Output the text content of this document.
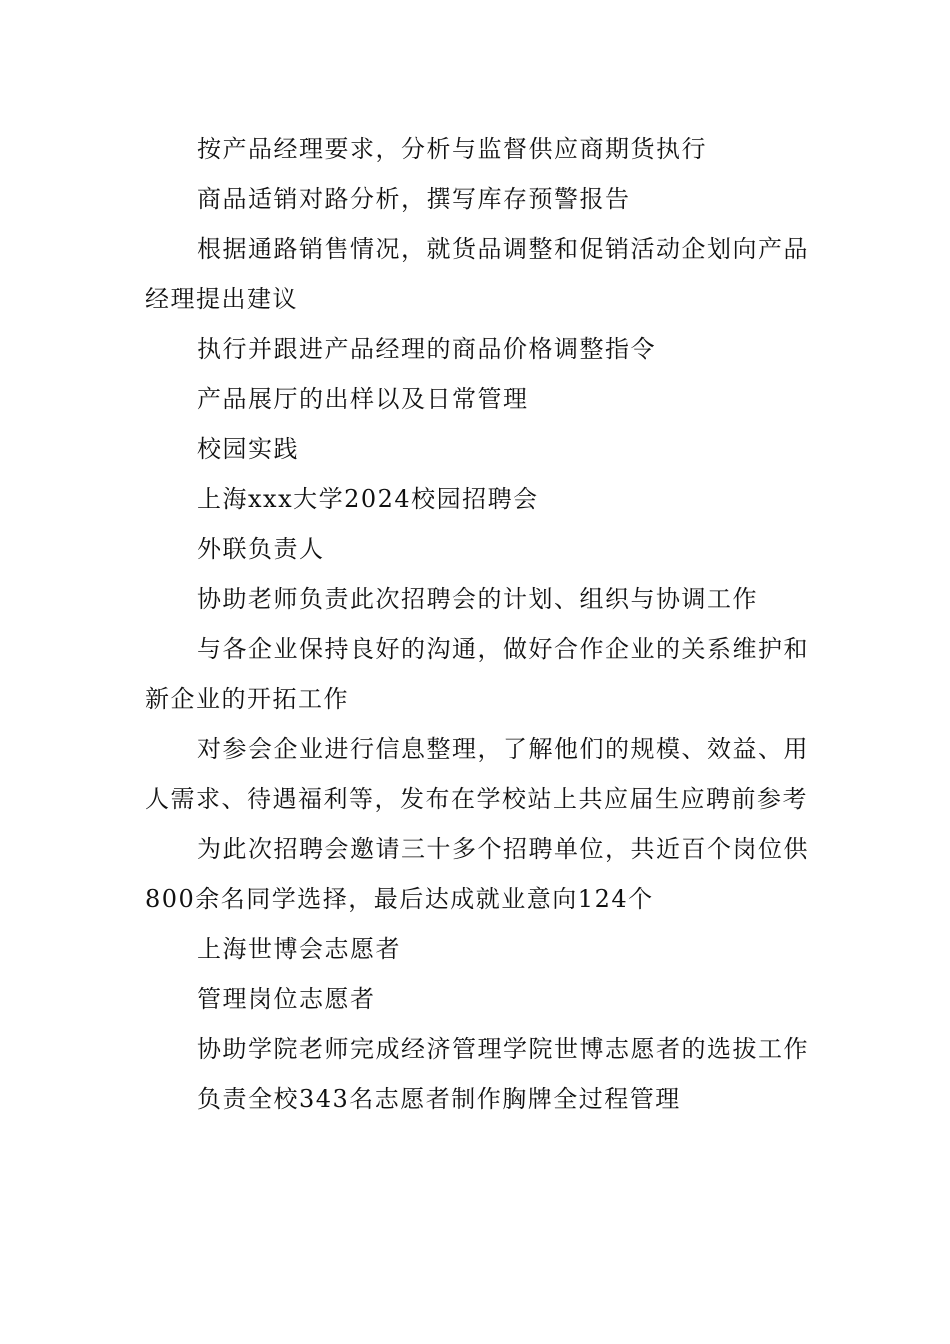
按产品经理要求，分析与监督供应商期货执行

商品适销对路分析，撰写库存预警报告

根据通路销售情况，就货品调整和促销活动企划向产品经理提出建议

执行并跟进产品经理的商品价格调整指令

产品展厅的出样以及日常管理

校园实践

上海xxx大学2024校园招聘会

外联负责人

协助老师负责此次招聘会的计划、组织与协调工作

与各企业保持良好的沟通，做好合作企业的关系维护和新企业的开拓工作

对参会企业进行信息整理，了解他们的规模、效益、用人需求、待遇福利等，发布在学校站上共应届生应聘前参考

为此次招聘会邀请三十多个招聘单位，共近百个岗位供800余名同学选择，最后达成就业意向124个

上海世博会志愿者

管理岗位志愿者

协助学院老师完成经济管理学院世博志愿者的选拔工作

负责全校343名志愿者制作胸牌全过程管理
